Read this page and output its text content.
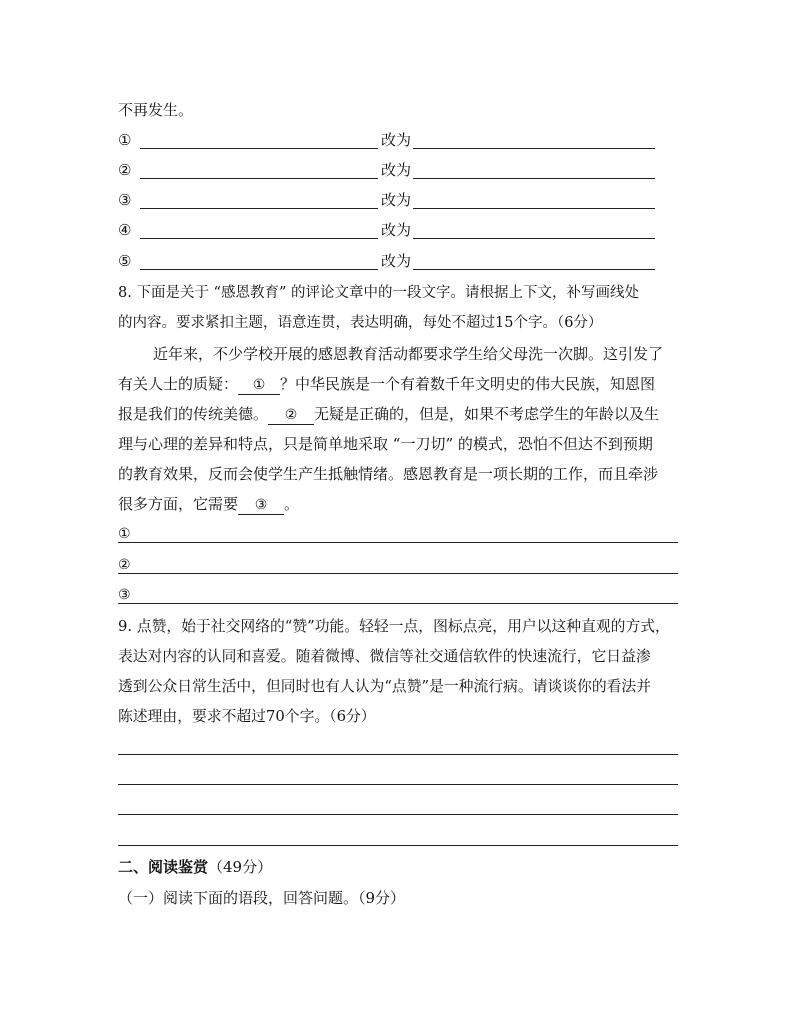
不再发生。
①	改为
②	改为
③	改为
④	改为
⑤	改为
8. 下面是关于 “感恩教育” 的评论文章中的一段文字。请根据上下文，补写画线处
的内容。要求紧扣主题，语意连贯，表达明确，每处不超过15个字。（6分）
近年来，不少学校开展的感恩教育活动都要求学生给父母洗一次脚。这引发了
有关人士的质疑： ① ？中华民族是一个有着数千年文明史的伟大民族，知恩图
报是我们的传统美德。 ② 无疑是正确的，但是，如果不考虑学生的年龄以及生
理与心理的差异和特点，只是简单地采取 “一刀切” 的模式，恐怕不但达不到预期
的教育效果，反而会使学生产生抵触情绪。感恩教育是一项长期的工作，而且牵涉
很多方面，它需要 ③ 。
①
②
③
9. 点赞，始于社交网络的“赞”功能。轻轻一点，图标点亮，用户以这种直观的方式，
表达对内容的认同和喜爱。随着微博、微信等社交通信软件的快速流行，它日益渗
透到公众日常生活中，但同时也有人认为“点赞”是一种流行病。请谈谈你的看法并
陈述理由，要求不超过70个字。（6分）
二、阅读鉴赏（49分）
（一）阅读下面的语段，回答问题。（9分）
